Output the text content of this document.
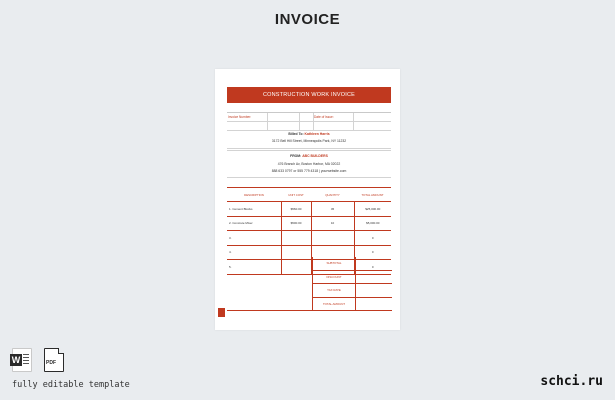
INVOICE
CONSTRUCTION WORK INVOICE
Invoice Number:	Date of Issue:
Billed To: Kathleen Harris
3172 Bell Hill Street, Minneapolis Park, NY 11232
FROM: ABC BUILDERS
476 Branch Av, Boston Harbor, MA 02022
888 633 0797 or 555 779 4318 | yourwebsite.com
DESCRIPTION	UNIT COST	QUANTITY	TOTAL AMOUNT
1. Cement Blocks	$560.00	45	$25,000.00
2. Concrete Mixer	$500.00	10	$5,000.00
3.			0
4.			0
5.			0
SUBTOTAL	
DISCOUNT	
TAX RATE	
TOTAL AMOUNT	
W	PDF
fully editable template	schci.ru
